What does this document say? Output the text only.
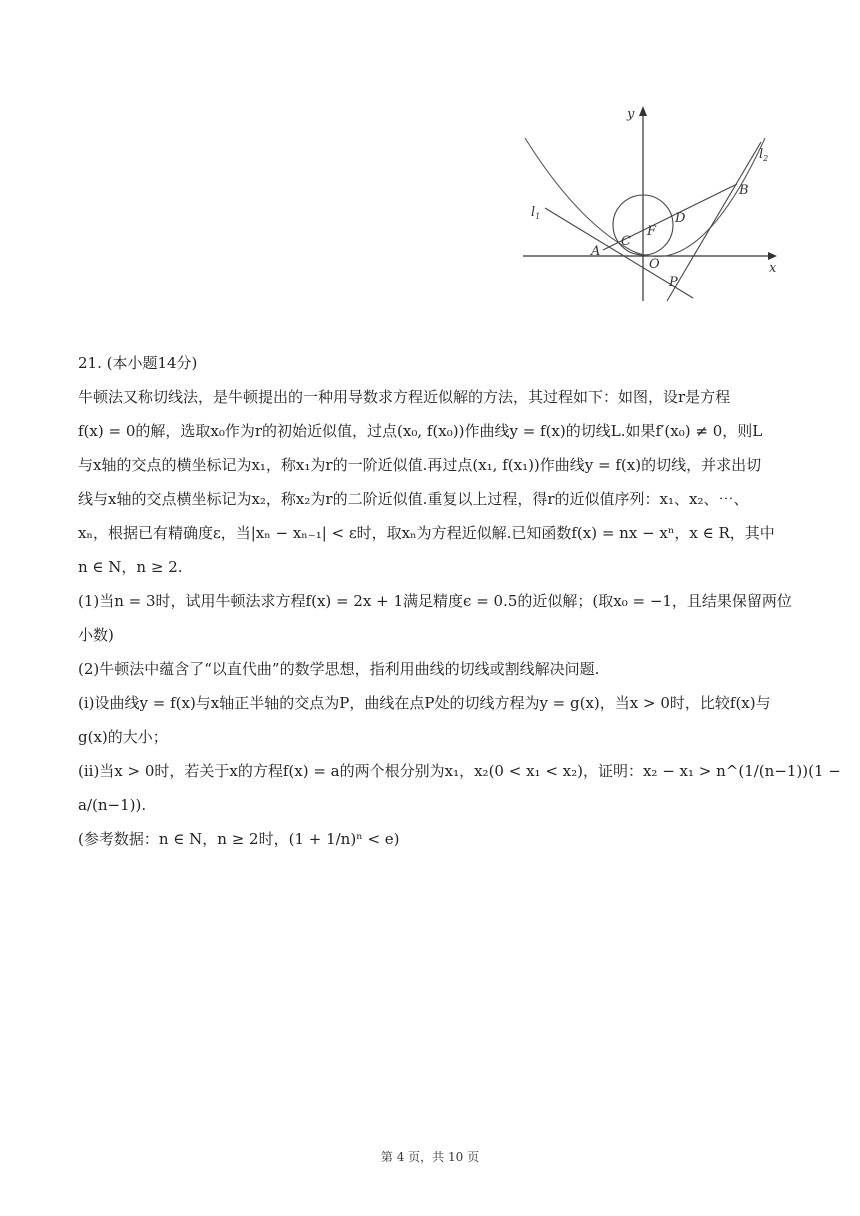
y
x
$l_2$
$l_1$
B
D
F
C
A
O
P
21. (本小题14分)
牛顿法又称切线法，是牛顿提出的一种用导数求方程近似解的方法，其过程如下：如图，设r是方程
f(x) = 0的解，选取x₀作为r的初始近似值，过点(x₀, f(x₀))作曲线y = f(x)的切线L.如果f′(x₀) ≠ 0，则L
与x轴的交点的横坐标记为x₁，称x₁为r的一阶近似值.再过点(x₁, f(x₁))作曲线y = f(x)的切线，并求出切
线与x轴的交点横坐标记为x₂，称x₂为r的二阶近似值.重复以上过程，得r的近似值序列：x₁、x₂、⋯、
xₙ，根据已有精确度ε，当|xₙ − xₙ₋₁| < ε时，取xₙ为方程近似解.已知函数f(x) = nx − xⁿ，x ∈ R，其中
n ∈ N，n ≥ 2.
(1)当n = 3时，试用牛顿法求方程f(x) = 2x + 1满足精度ϵ = 0.5的近似解；(取x₀ = −1，且结果保留两位
小数)
(2)牛顿法中蕴含了“以直代曲”的数学思想，指利用曲线的切线或割线解决问题.
(i)设曲线y = f(x)与x轴正半轴的交点为P，曲线在点P处的切线方程为y = g(x)，当x > 0时，比较f(x)与
g(x)的大小；
(ii)当x > 0时，若关于x的方程f(x) = a的两个根分别为x₁，x₂(0 < x₁ < x₂)，证明：x₂ − x₁ > n^(1/(n−1))(1 −
a/(n−1)).
(参考数据：n ∈ N，n ≥ 2时，(1 + 1/n)ⁿ < e)
第 4 页，共 10 页
